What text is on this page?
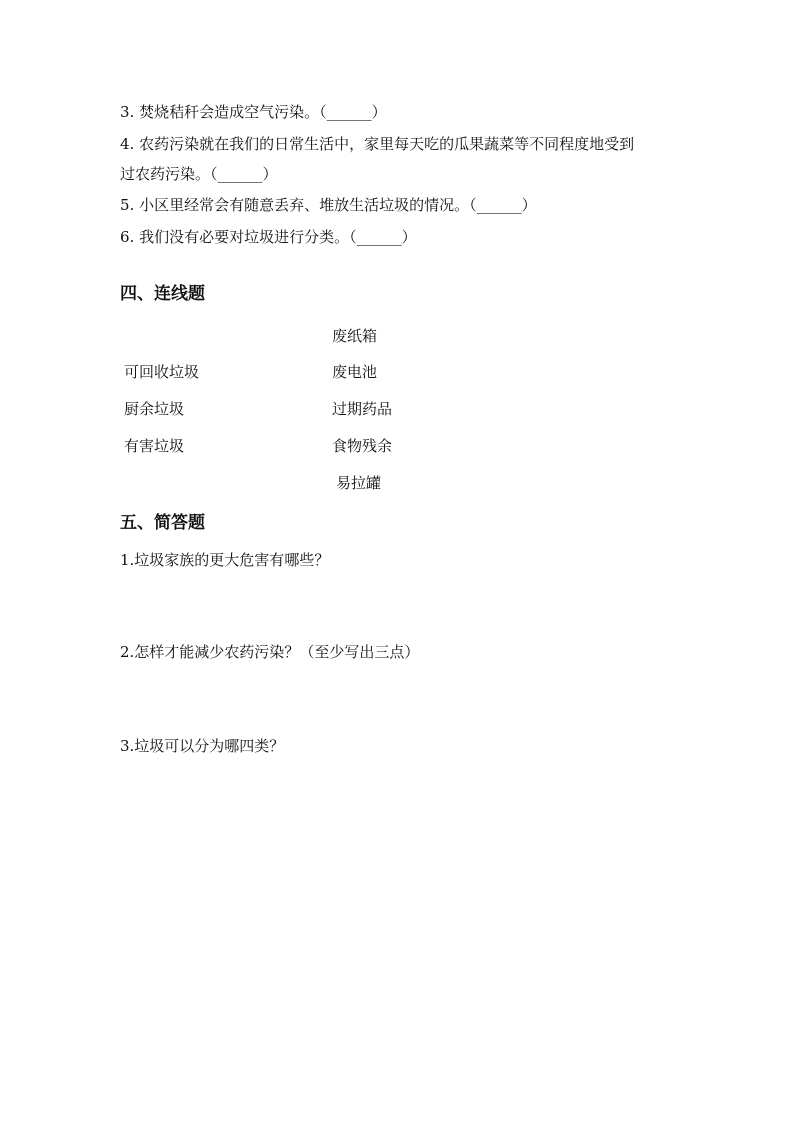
3. 焚烧秸秆会造成空气污染。（______）
4. 农药污染就在我们的日常生活中，家里每天吃的瓜果蔬菜等不同程度地受到
过农药污染。（______）
5. 小区里经常会有随意丢弃、堆放生活垃圾的情况。（______）
6. 我们没有必要对垃圾进行分类。（______）
四、连线题
废纸箱
可回收垃圾	废电池
厨余垃圾	过期药品
有害垃圾	食物残余
易拉罐
五、简答题
1.垃圾家族的更大危害有哪些？
2.怎样才能减少农药污染？（至少写出三点）
3.垃圾可以分为哪四类？
